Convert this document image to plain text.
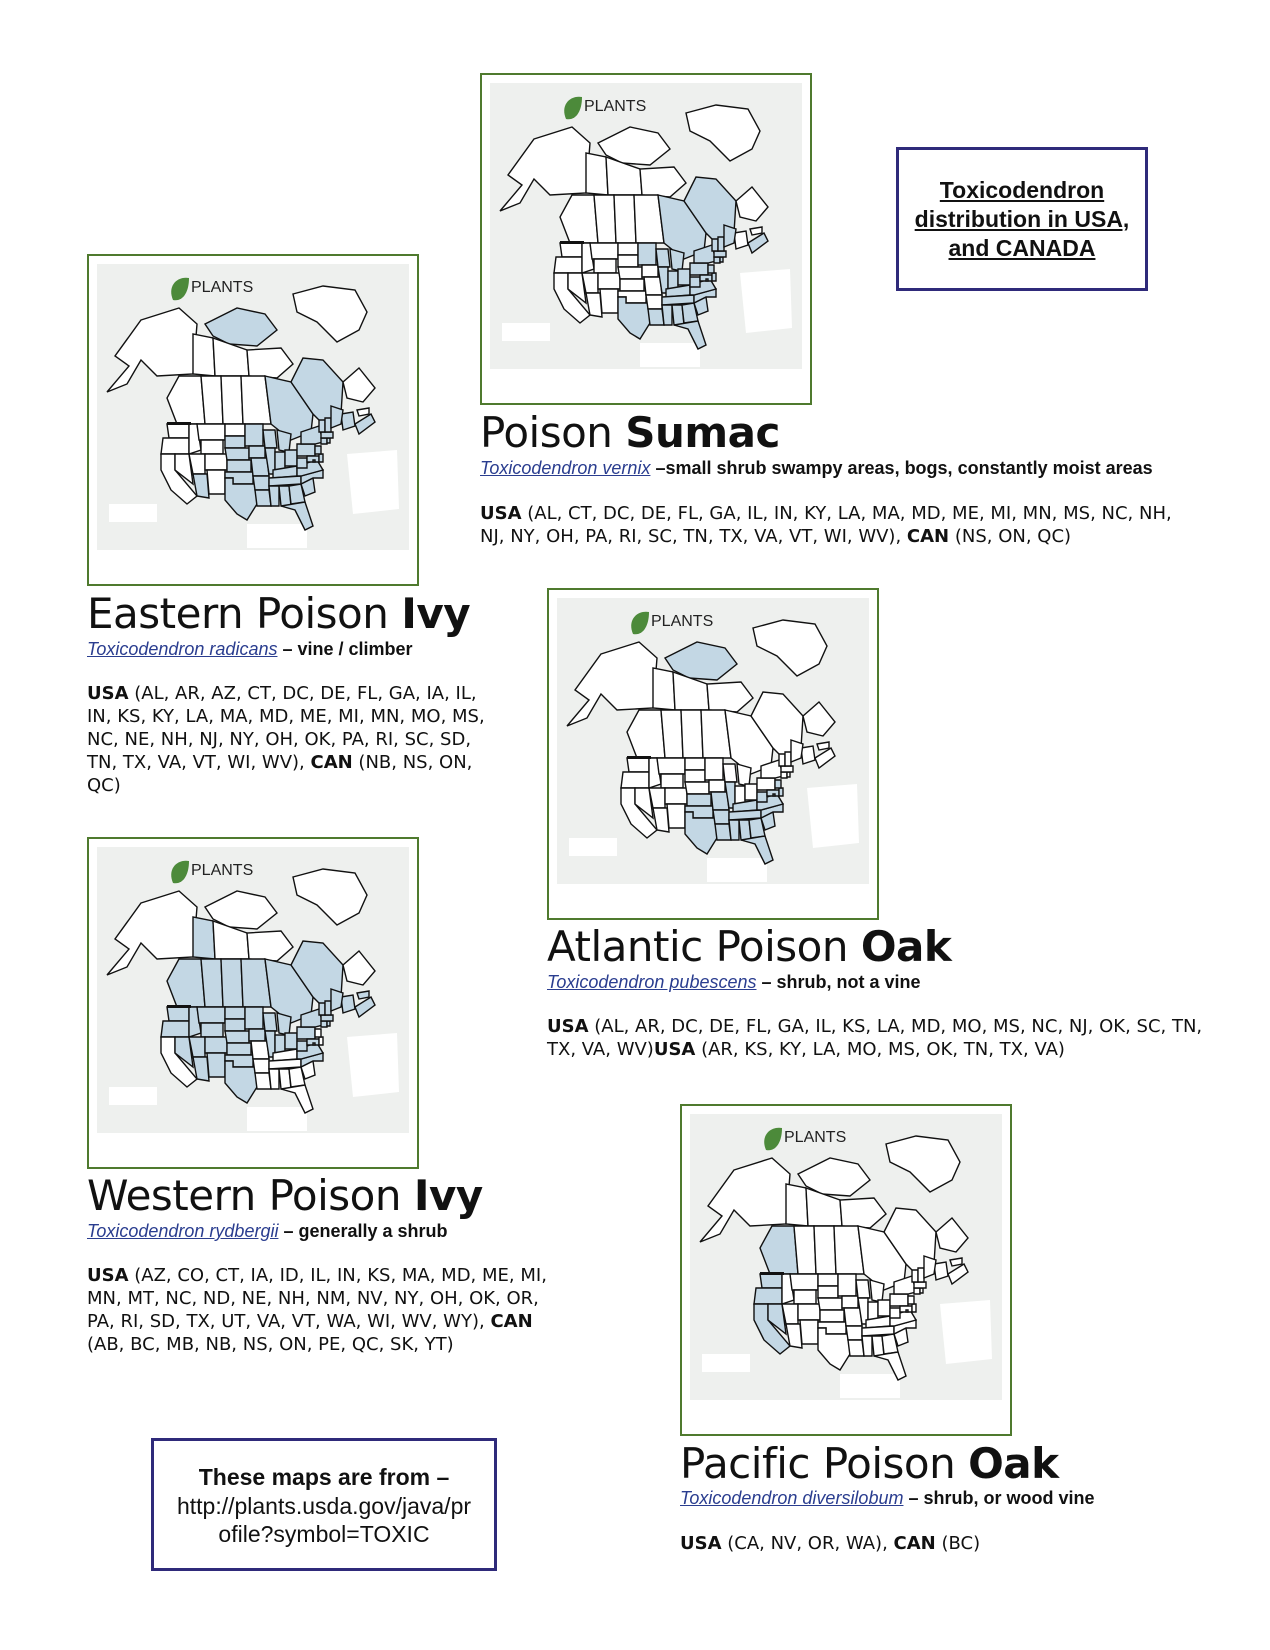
Toxicodendron distribution in USA, and CANADA
PLANTS
Poison Sumac
Toxicodendron vernix –small shrub swampy areas, bogs, constantly moist areas
USA (AL, CT, DC, DE, FL, GA, IL, IN, KY, LA, MA, MD, ME, MI, MN, MS, NC, NH, NJ, NY, OH, PA, RI, SC, TN, TX, VA, VT, WI, WV), CAN (NS, ON, QC)
PLANTS
Eastern Poison Ivy
Toxicodendron radicans – vine / climber
USA (AL, AR, AZ, CT, DC, DE, FL, GA, IA, IL, IN, KS, KY, LA, MA, MD, ME, MI, MN, MO, MS, NC, NE, NH, NJ, NY, OH, OK, PA, RI, SC, SD, TN, TX, VA, VT, WI, WV), CAN (NB, NS, ON, QC)
PLANTS
Atlantic Poison Oak
Toxicodendron pubescens – shrub, not a vine
USA (AL, AR, DC, DE, FL, GA, IL, KS, LA, MD, MO, MS, NC, NJ, OK, SC, TN, TX, VA, WV)USA (AR, KS, KY, LA, MO, MS, OK, TN, TX, VA)
PLANTS
Western Poison Ivy
Toxicodendron rydbergii – generally a shrub
USA (AZ, CO, CT, IA, ID, IL, IN, KS, MA, MD, ME, MI, MN, MT, NC, ND, NE, NH, NM, NV, NY, OH, OK, OR, PA, RI, SD, TX, UT, VA, VT, WA, WI, WV, WY), CAN (AB, BC, MB, NB, NS, ON, PE, QC, SK, YT)
PLANTS
Pacific Poison Oak
Toxicodendron diversilobum – shrub, or wood vine
USA (CA, NV, OR, WA), CAN (BC)
These maps are from –
http://plants.usda.gov/java/profile?symbol=TOXIC
